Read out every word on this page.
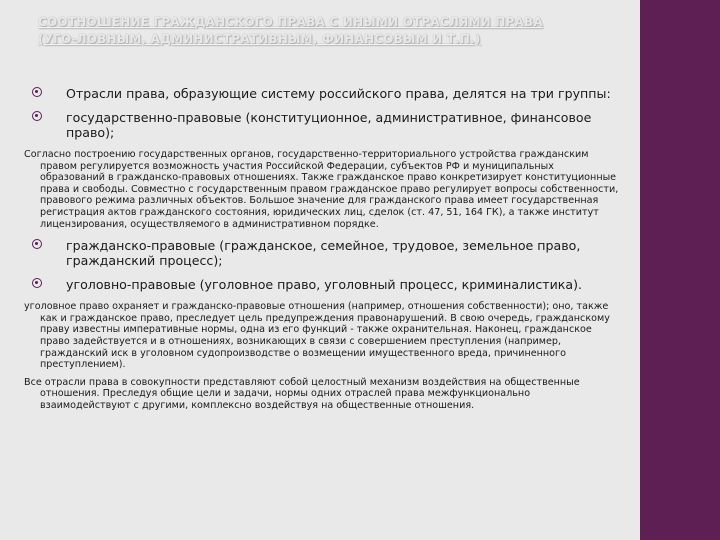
СООТНОШЕНИЕ ГРАЖДАНСКОГО ПРАВА С ИНЫМИ ОТРАСЛЯМИ ПРАВА
(УГО-ЛОВНЫМ, АДМИНИСТРАТИВНЫМ, ФИНАНСОВЫМ И Т.П.)
Отрасли права, образующие систему российского права, делятся на три группы:
государственно-правовые (конституционное, административное, финансовое право);
Согласно построению государственных органов, государственно-территориального устройства гражданским правом регулируется возможность участия Российской Федерации, субъектов РФ и муниципальных образований в гражданско-правовых отношениях. Также гражданское право конкретизирует конституционные права и свободы. Совместно с государственным правом гражданское право регулирует вопросы собственности, правового режима различных объектов. Большое значение для гражданского права имеет государственная регистрация актов гражданского состояния, юридических лиц, сделок (ст. 47, 51, 164 ГК), а также институт лицензирования, осуществляемого в административном порядке.
гражданско-правовые (гражданское, семейное, трудовое, земельное право, гражданский процесс);
уголовно-правовые (уголовное право, уголовный процесс, криминалистика).
уголовное право охраняет и гражданско-правовые отношения (например, отношения собственности); оно, также как и гражданское право, преследует цель предупреждения правонарушений. В свою очередь, гражданскому праву известны императивные нормы, одна из его функций - также охранительная. Наконец, гражданское право задействуется и в отношениях, возникающих в связи с совершением преступления (например, гражданский иск в уголовном судопроизводстве о возмещении имущественного вреда, причиненного преступлением).
Все отрасли права в совокупности представляют собой целостный механизм воздействия на общественные отношения. Преследуя общие цели и задачи, нормы одних отраслей права межфункционально взаимодействуют с другими, комплексно воздействуя на общественные отношения.
